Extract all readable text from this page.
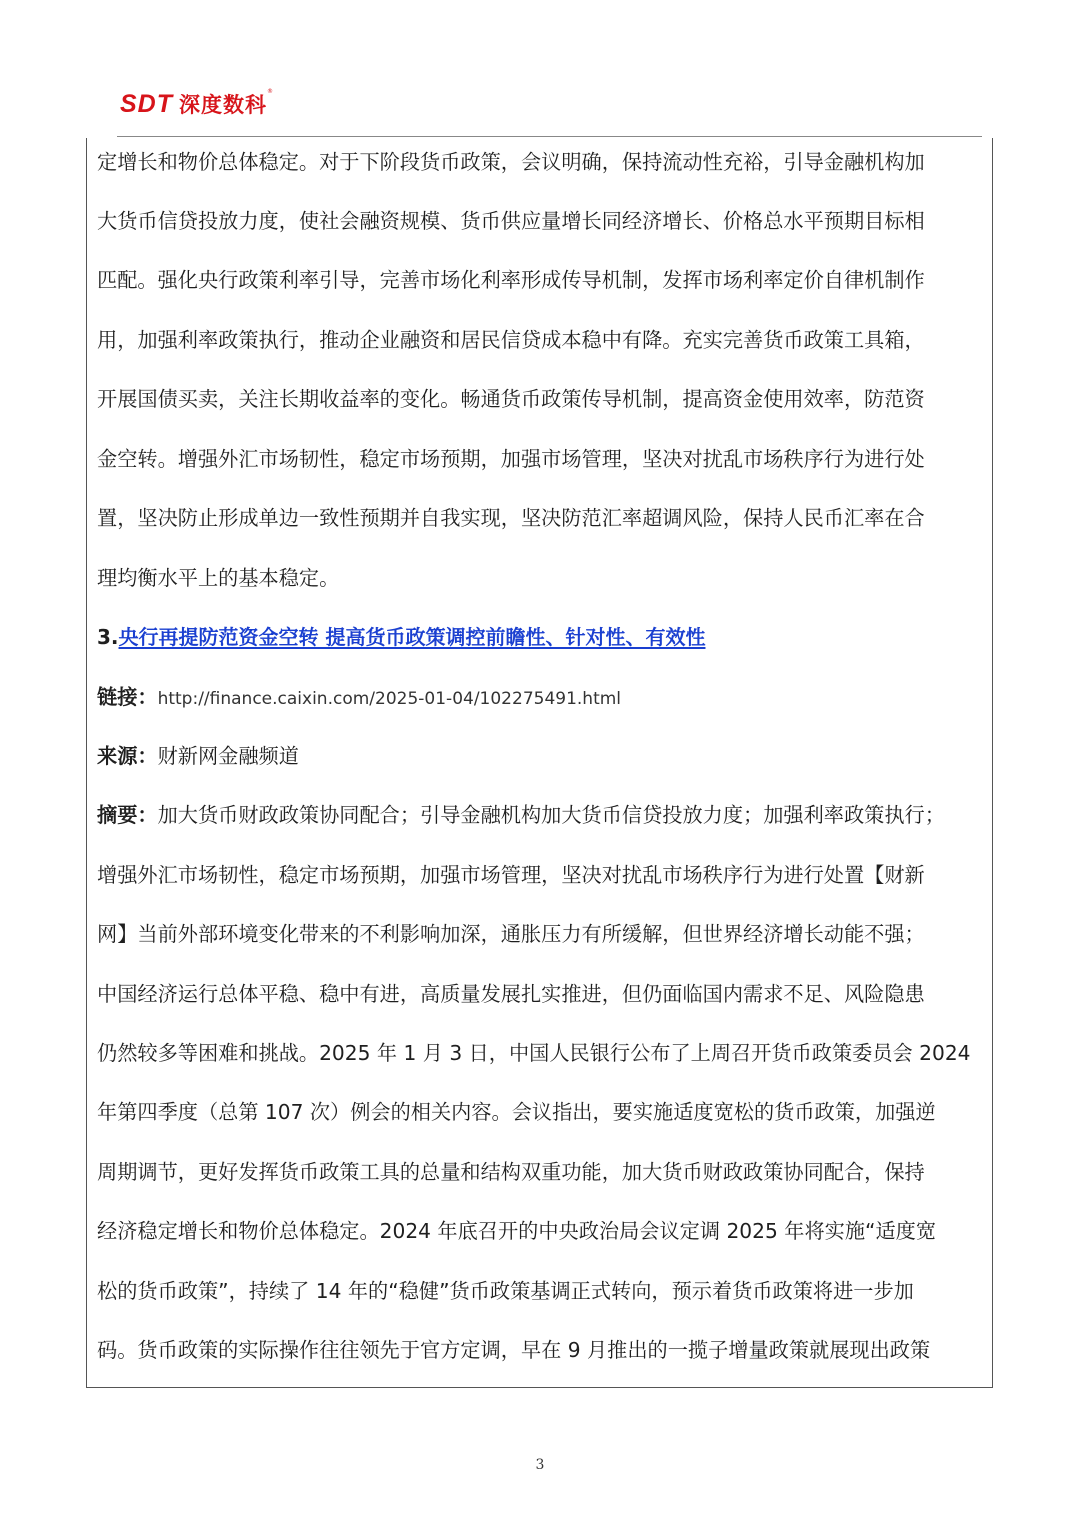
SDT 深度数科
®
定增长和物价总体稳定。对于下阶段货币政策，会议明确，保持流动性充裕，引导金融机构加
大货币信贷投放力度，使社会融资规模、货币供应量增长同经济增长、价格总水平预期目标相
匹配。强化央行政策利率引导，完善市场化利率形成传导机制，发挥市场利率定价自律机制作
用，加强利率政策执行，推动企业融资和居民信贷成本稳中有降。充实完善货币政策工具箱，
开展国债买卖，关注长期收益率的变化。畅通货币政策传导机制，提高资金使用效率，防范资
金空转。增强外汇市场韧性，稳定市场预期，加强市场管理，坚决对扰乱市场秩序行为进行处
置，坚决防止形成单边一致性预期并自我实现，坚决防范汇率超调风险，保持人民币汇率在合
理均衡水平上的基本稳定。
3.央行再提防范资金空转 提高货币政策调控前瞻性、针对性、有效性
链接：http://finance.caixin.com/2025-01-04/102275491.html
来源：财新网金融频道
摘要：加大货币财政政策协同配合；引导金融机构加大货币信贷投放力度；加强利率政策执行；
增强外汇市场韧性，稳定市场预期，加强市场管理，坚决对扰乱市场秩序行为进行处置【财新
网】当前外部环境变化带来的不利影响加深，通胀压力有所缓解，但世界经济增长动能不强；
中国经济运行总体平稳、稳中有进，高质量发展扎实推进，但仍面临国内需求不足、风险隐患
仍然较多等困难和挑战。2025 年 1 月 3 日，中国人民银行公布了上周召开货币政策委员会 2024
年第四季度（总第 107 次）例会的相关内容。会议指出，要实施适度宽松的货币政策，加强逆
周期调节，更好发挥货币政策工具的总量和结构双重功能，加大货币财政政策协同配合，保持
经济稳定增长和物价总体稳定。2024 年底召开的中央政治局会议定调 2025 年将实施“适度宽
松的货币政策”，持续了 14 年的“稳健”货币政策基调正式转向，预示着货币政策将进一步加
码。货币政策的实际操作往往领先于官方定调，早在 9 月推出的一揽子增量政策就展现出政策
3
